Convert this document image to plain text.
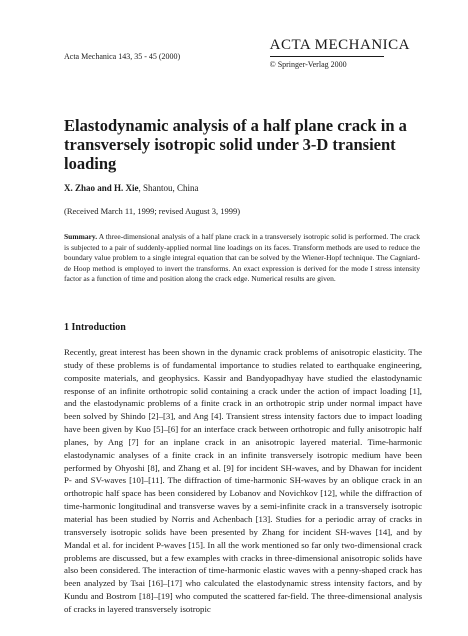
Acta Mechanica 143, 35 - 45 (2000)
ACTA MECHANICA
© Springer-Verlag 2000
Elastodynamic analysis of a half plane crack in a transversely isotropic solid under 3-D transient loading
X. Zhao and H. Xie, Shantou, China
(Received March 11, 1999; revised August 3, 1999)

Summary. A three-dimensional analysis of a half plane crack in a transversely isotropic solid is performed. The crack is subjected to a pair of suddenly-applied normal line loadings on its faces. Transform methods are used to reduce the boundary value problem to a single integral equation that can be solved by the Wiener-Hopf technique. The Cagniard-de Hoop method is employed to invert the transforms. An exact expression is derived for the mode I stress intensity factor as a function of time and position along the crack edge. Numerical results are given.

1 Introduction

Recently, great interest has been shown in the dynamic crack problems of anisotropic elasticity. The study of these problems is of fundamental importance to studies related to earthquake engineering, composite materials, and geophysics. Kassir and Bandyopadhyay have studied the elastodynamic response of an infinite orthotropic solid containing a crack under the action of impact loading [1], and the elastodynamic problems of a finite crack in an orthotropic strip under normal impact have been solved by Shindo [2]–[3], and Ang [4]. Transient stress intensity factors due to impact loading have been given by Kuo [5]–[6] for an interface crack between orthotropic and fully anisotropic half planes, by Ang [7] for an inplane crack in an anisotropic layered material. Time-harmonic elastodynamic analyses of a finite crack in an infinite transversely isotropic medium have been performed by Ohyoshi [8], and Zhang et al. [9] for incident SH-waves, and by Dhawan for incident P- and SV-waves [10]–[11]. The diffraction of time-harmonic SH-waves by an oblique crack in an orthotropic half space has been considered by Lobanov and Novichkov [12], while the diffraction of time-harmonic longitudinal and transverse waves by a semi-infinite crack in a transversely isotropic material has been studied by Norris and Achenbach [13]. Studies for a periodic array of cracks in transversely isotropic solids have been presented by Zhang for incident SH-waves [14], and by Mandal et al. for incident P-waves [15]. In all the work mentioned so far only two-dimensional crack problems are discussed, but a few examples with cracks in three-dimensional anisotropic solids have also been considered. The interaction of time-harmonic elastic waves with a penny-shaped crack has been analyzed by Tsai [16]–[17] who calculated the elastodynamic stress intensity factors, and by Kundu and Bostrom [18]–[19] who computed the scattered far-field. The three-dimensional analysis of cracks in layered transversely isotropic
